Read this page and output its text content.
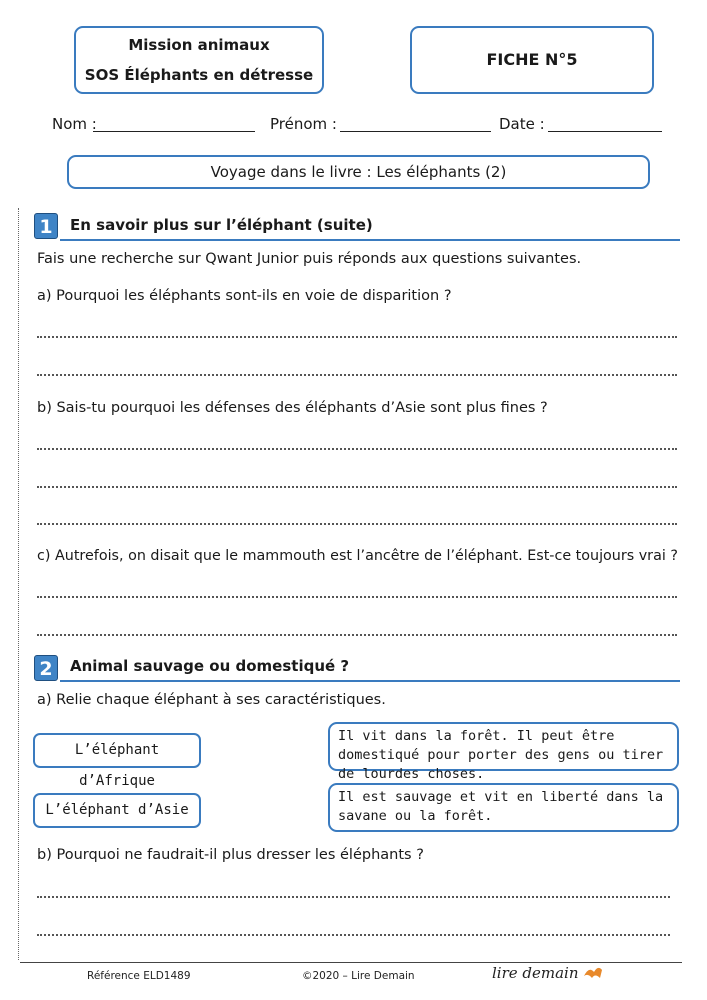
Mission animaux
SOS Éléphants en détresse
FICHE N°5
Nom :	Prénom :	Date :
Voyage dans le livre : Les éléphants (2)
1	En savoir plus sur l’éléphant (suite)
Fais une recherche sur Qwant Junior puis réponds aux questions suivantes.
a) Pourquoi les éléphants sont-ils en voie de disparition ?
b) Sais-tu pourquoi les défenses des éléphants d’Asie sont plus fines ?
c) Autrefois, on disait que le mammouth est l’ancêtre de l’éléphant. Est-ce toujours vrai ?
2	Animal sauvage ou domestiqué ?
a) Relie chaque éléphant à ses caractéristiques.
L’éléphant d’Afrique
L’éléphant d’Asie
Il vit dans la forêt. Il peut être domestiqué pour porter des gens ou tirer de lourdes choses.
Il est sauvage et vit en liberté dans la savane ou la forêt.
b) Pourquoi ne faudrait-il plus dresser les éléphants ?
Référence ELD1489	©2020 – Lire Demain	lire demain
